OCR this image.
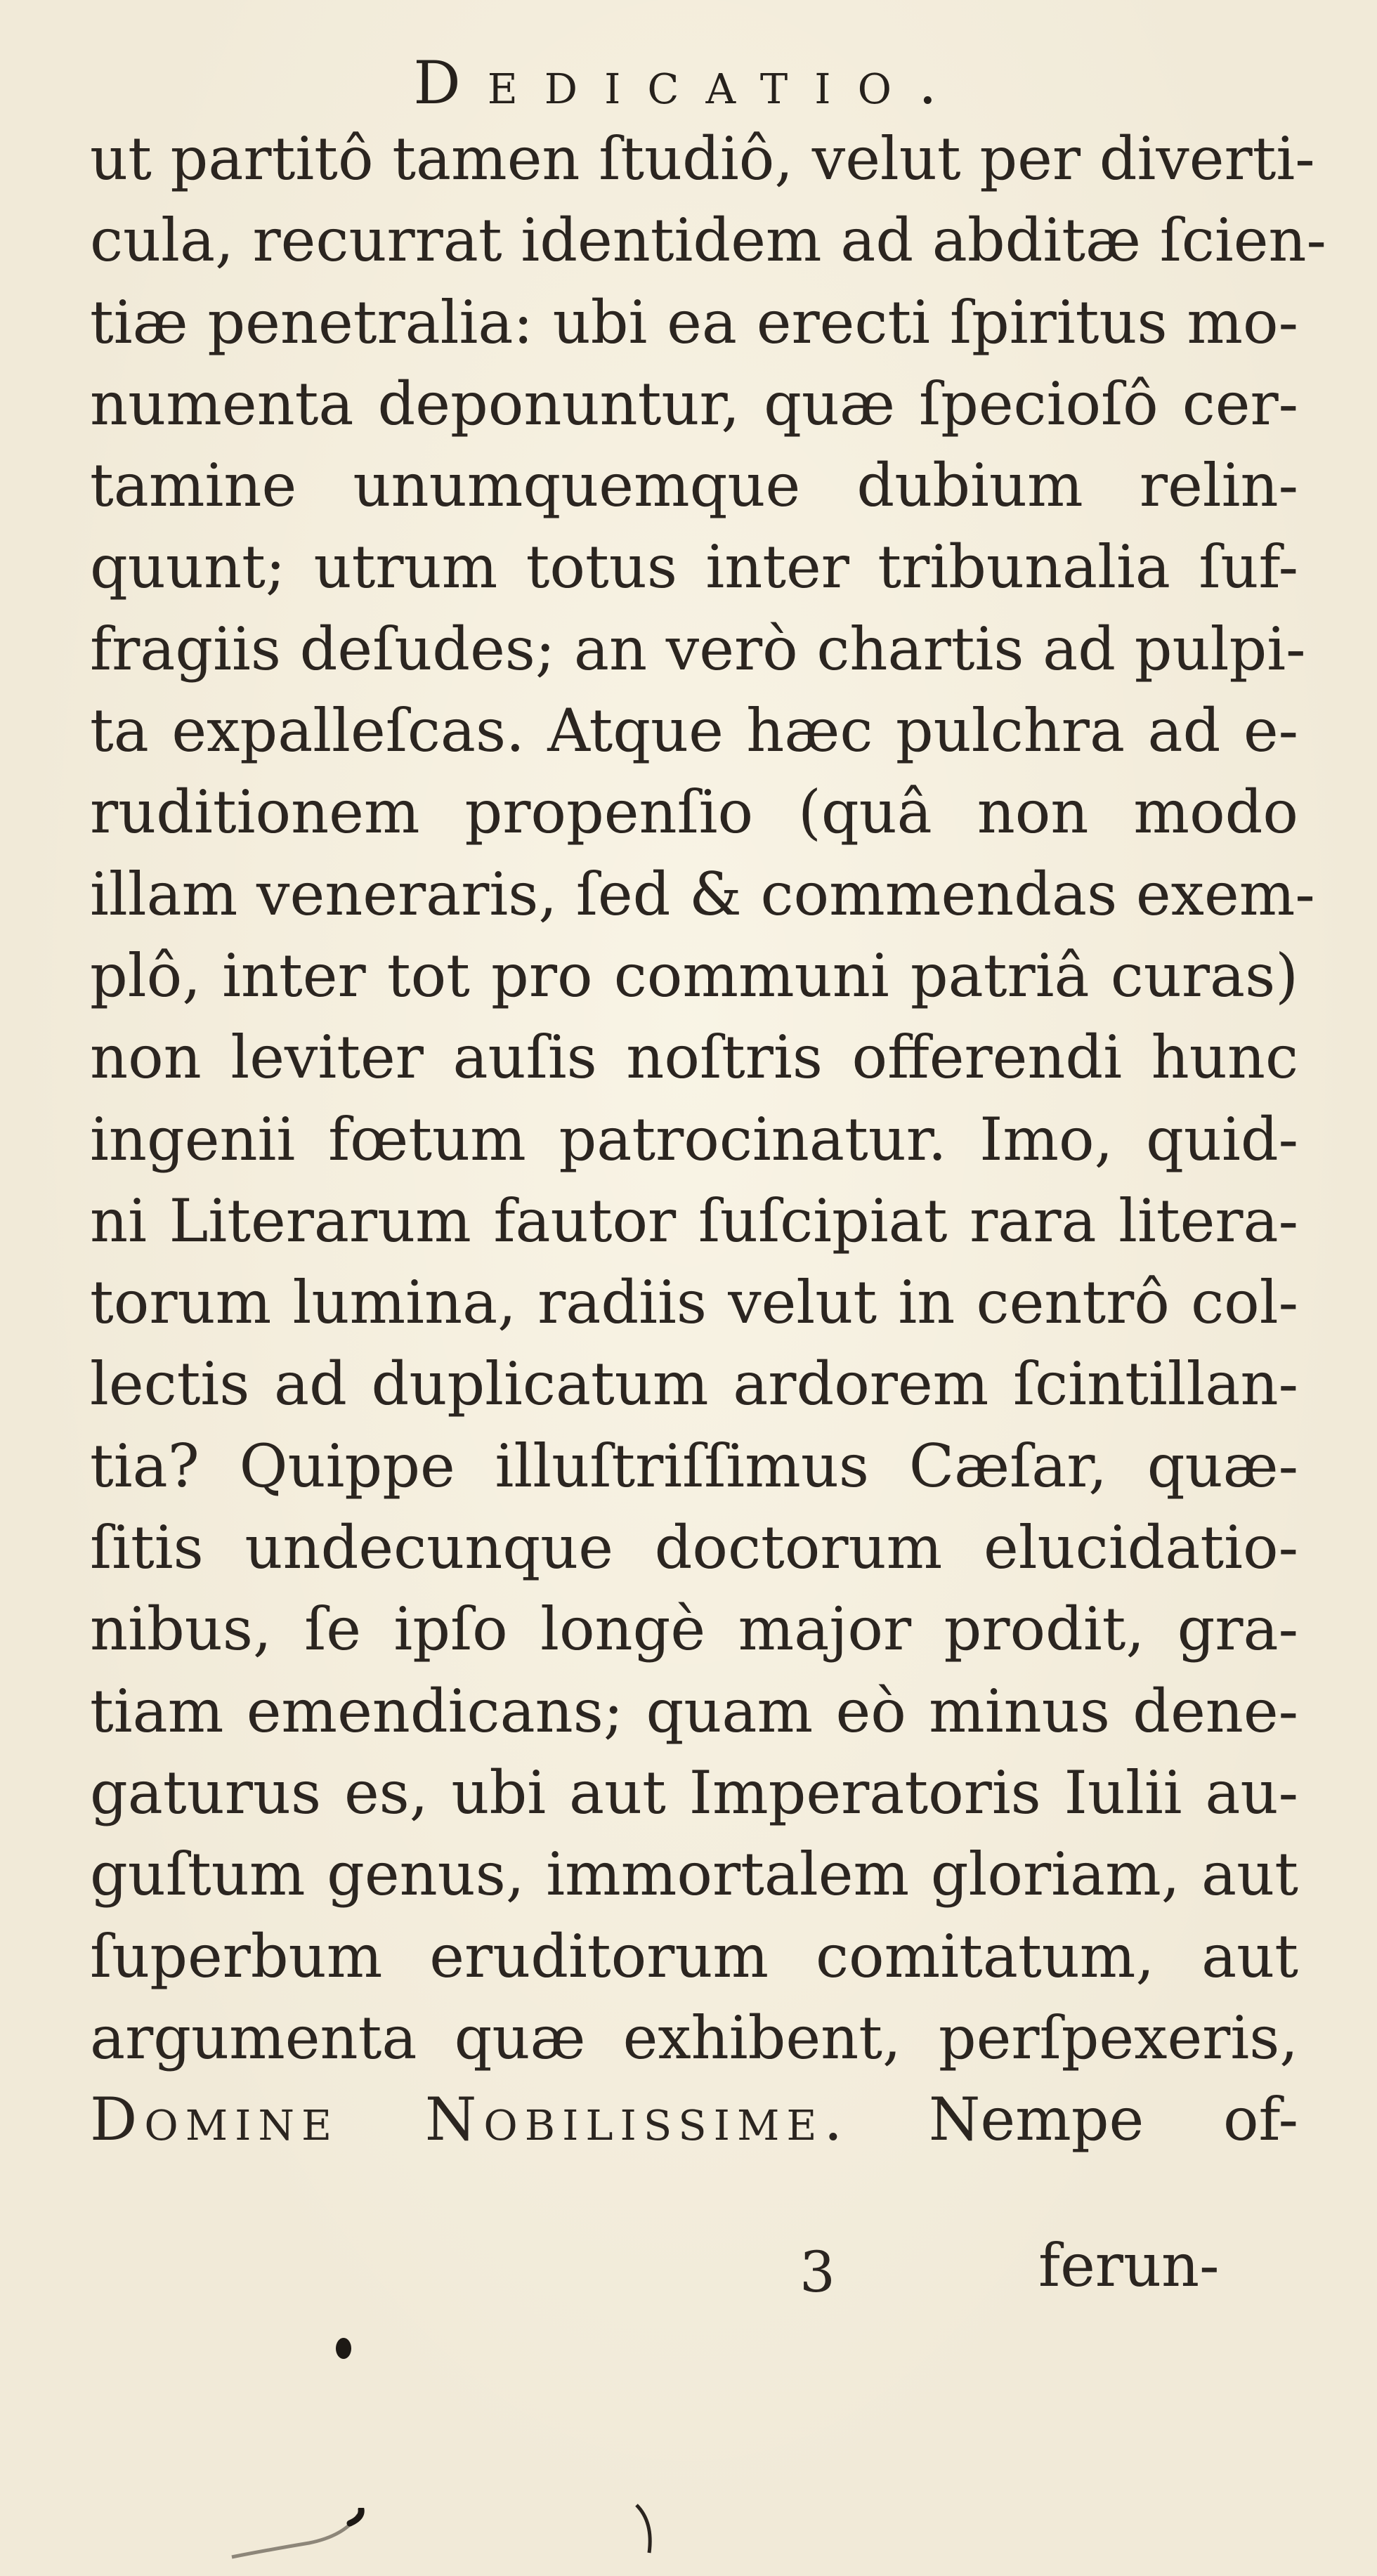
Dedicatio.
ut partitô tamen ſtudiô, velut per diverti-
cula, recurrat identidem ad abditæ ſcien-
tiæ penetralia: ubi ea erecti ſpiritus mo-
numenta deponuntur, quæ ſpecioſô cer-
tamine unumquemque dubium relin-
quunt; utrum totus inter tribunalia ſuf-
fragiis deſudes; an verò chartis ad pulpi-
ta expalleſcas. Atque hæc pulchra ad e-
ruditionem propenſio (quâ non modo
illam veneraris, ſed & commendas exem-
plô, inter tot pro communi patriâ curas)
non leviter auſis noſtris offerendi hunc
ingenii fœtum patrocinatur. Imo, quid-
ni Literarum fautor ſuſcipiat rara litera-
torum lumina, radiis velut in centrô col-
lectis ad duplicatum ardorem ſcintillan-
tia? Quippe illuſtriſſimus Cæſar, quæ-
ſitis undecunque doctorum elucidatio-
nibus, ſe ipſo longè major prodit, gra-
tiam emendicans; quam eò minus dene-
gaturus es, ubi aut Imperatoris Iulii au-
guſtum genus, immortalem gloriam, aut
ſuperbum eruditorum comitatum, aut
argumenta quæ exhibent, perſpexeris,
Domine Nobilissime. Nempe of-
3	ferun-
